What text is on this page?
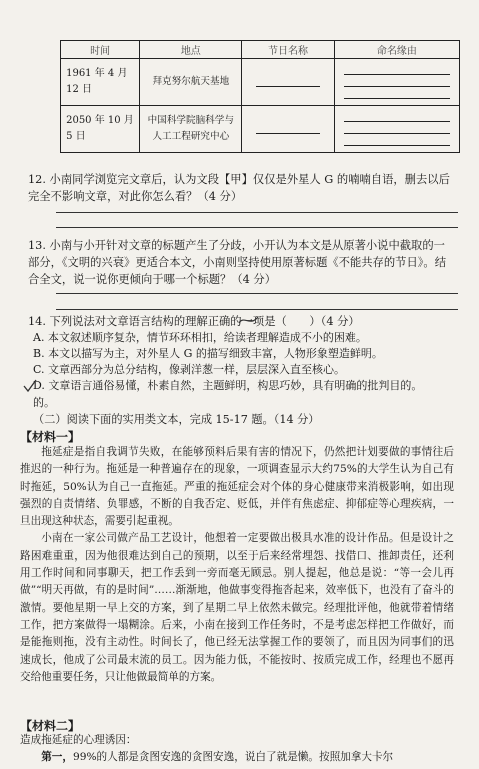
时间	地点	节日名称	命名缘由
1961 年 4 月 12 日	拜克努尔航天基地		

2050 年 10 月 5 日	中国科学院脑科学与人工工程研究中心		
12. 小南同学浏览完文章后，认为文段【甲】仅仅是外星人 G 的喃喃自语，删去以后完全不影响文章，对此你怎么看？（4 分）
13. 小南与小开针对文章的标题产生了分歧，小开认为本文是从原著小说中截取的一部分，《文明的兴衰》更适合本文，小南则坚持使用原著标题《不能共存的节日》。结合全文，说一说你更倾向于哪一个标题？（4 分）
14. 下列说法对文章语言结构的理解正确的一项是（　　）（4 分）
A. 本文叙述顺序复杂，情节环环相扣，给读者理解造成不小的困难。
B. 本文以描写为主，对外星人 G 的描写细致丰富，人物形象塑造鲜明。
C. 文章西部分为总分结构，像剥洋葱一样，层层深入直至核心。
D. 文章语言通俗易懂，朴素自然，主题鲜明，构思巧妙，具有明确的批判目的。
的。
（二）阅读下面的实用类文本，完成 15-17 题。（14 分）
【材料一】

拖延症是指自我调节失败，在能够预料后果有害的情况下，仍然把计划要做的事情往后推迟的一种行为。拖延是一种普遍存在的现象，一项调查显示大约75%的大学生认为自己有时拖延，50%认为自己一直拖延。严重的拖延症会对个体的身心健康带来消极影响，如出现强烈的自责情绪、负罪感，不断的自我否定、贬低，并伴有焦虑症、抑郁症等心理疾病，一旦出现这种状态，需要引起重视。

小南在一家公司做产品工艺设计，他想着一定要做出极具水准的设计作品。但是设计之路困难重重，因为他很难达到自己的预期，以至于后来经常埋怨、找借口、推卸责任，还利用工作时间和同事聊天，把工作丢到一旁而毫无顾忌。别人提起，他总是说：“等一会儿再做”“明天再做，有的是时间”……渐渐地，他做事变得拖沓起来，效率低下，也没有了奋斗的激情。要他星期一早上交的方案，到了星期二早上依然未做完。经理批评他，他就带着情绪工作，把方案做得一塌糊涂。后来，小南在接到工作任务时，不是考虑怎样把工作做好，而是能拖则拖，没有主动性。时间长了，他已经无法掌握工作的要领了，而且因为同事们的迅速成长，他成了公司最末流的员工。因为能力低，不能按时、按质完成工作，经理也不愿再交给他重要任务，只让他做最简单的方案。

【材料二】
造成拖延症的心理诱因：

第一，99%的人都是贪图安逸的贪图安逸，说白了就是懒。按照加拿大卡尔
